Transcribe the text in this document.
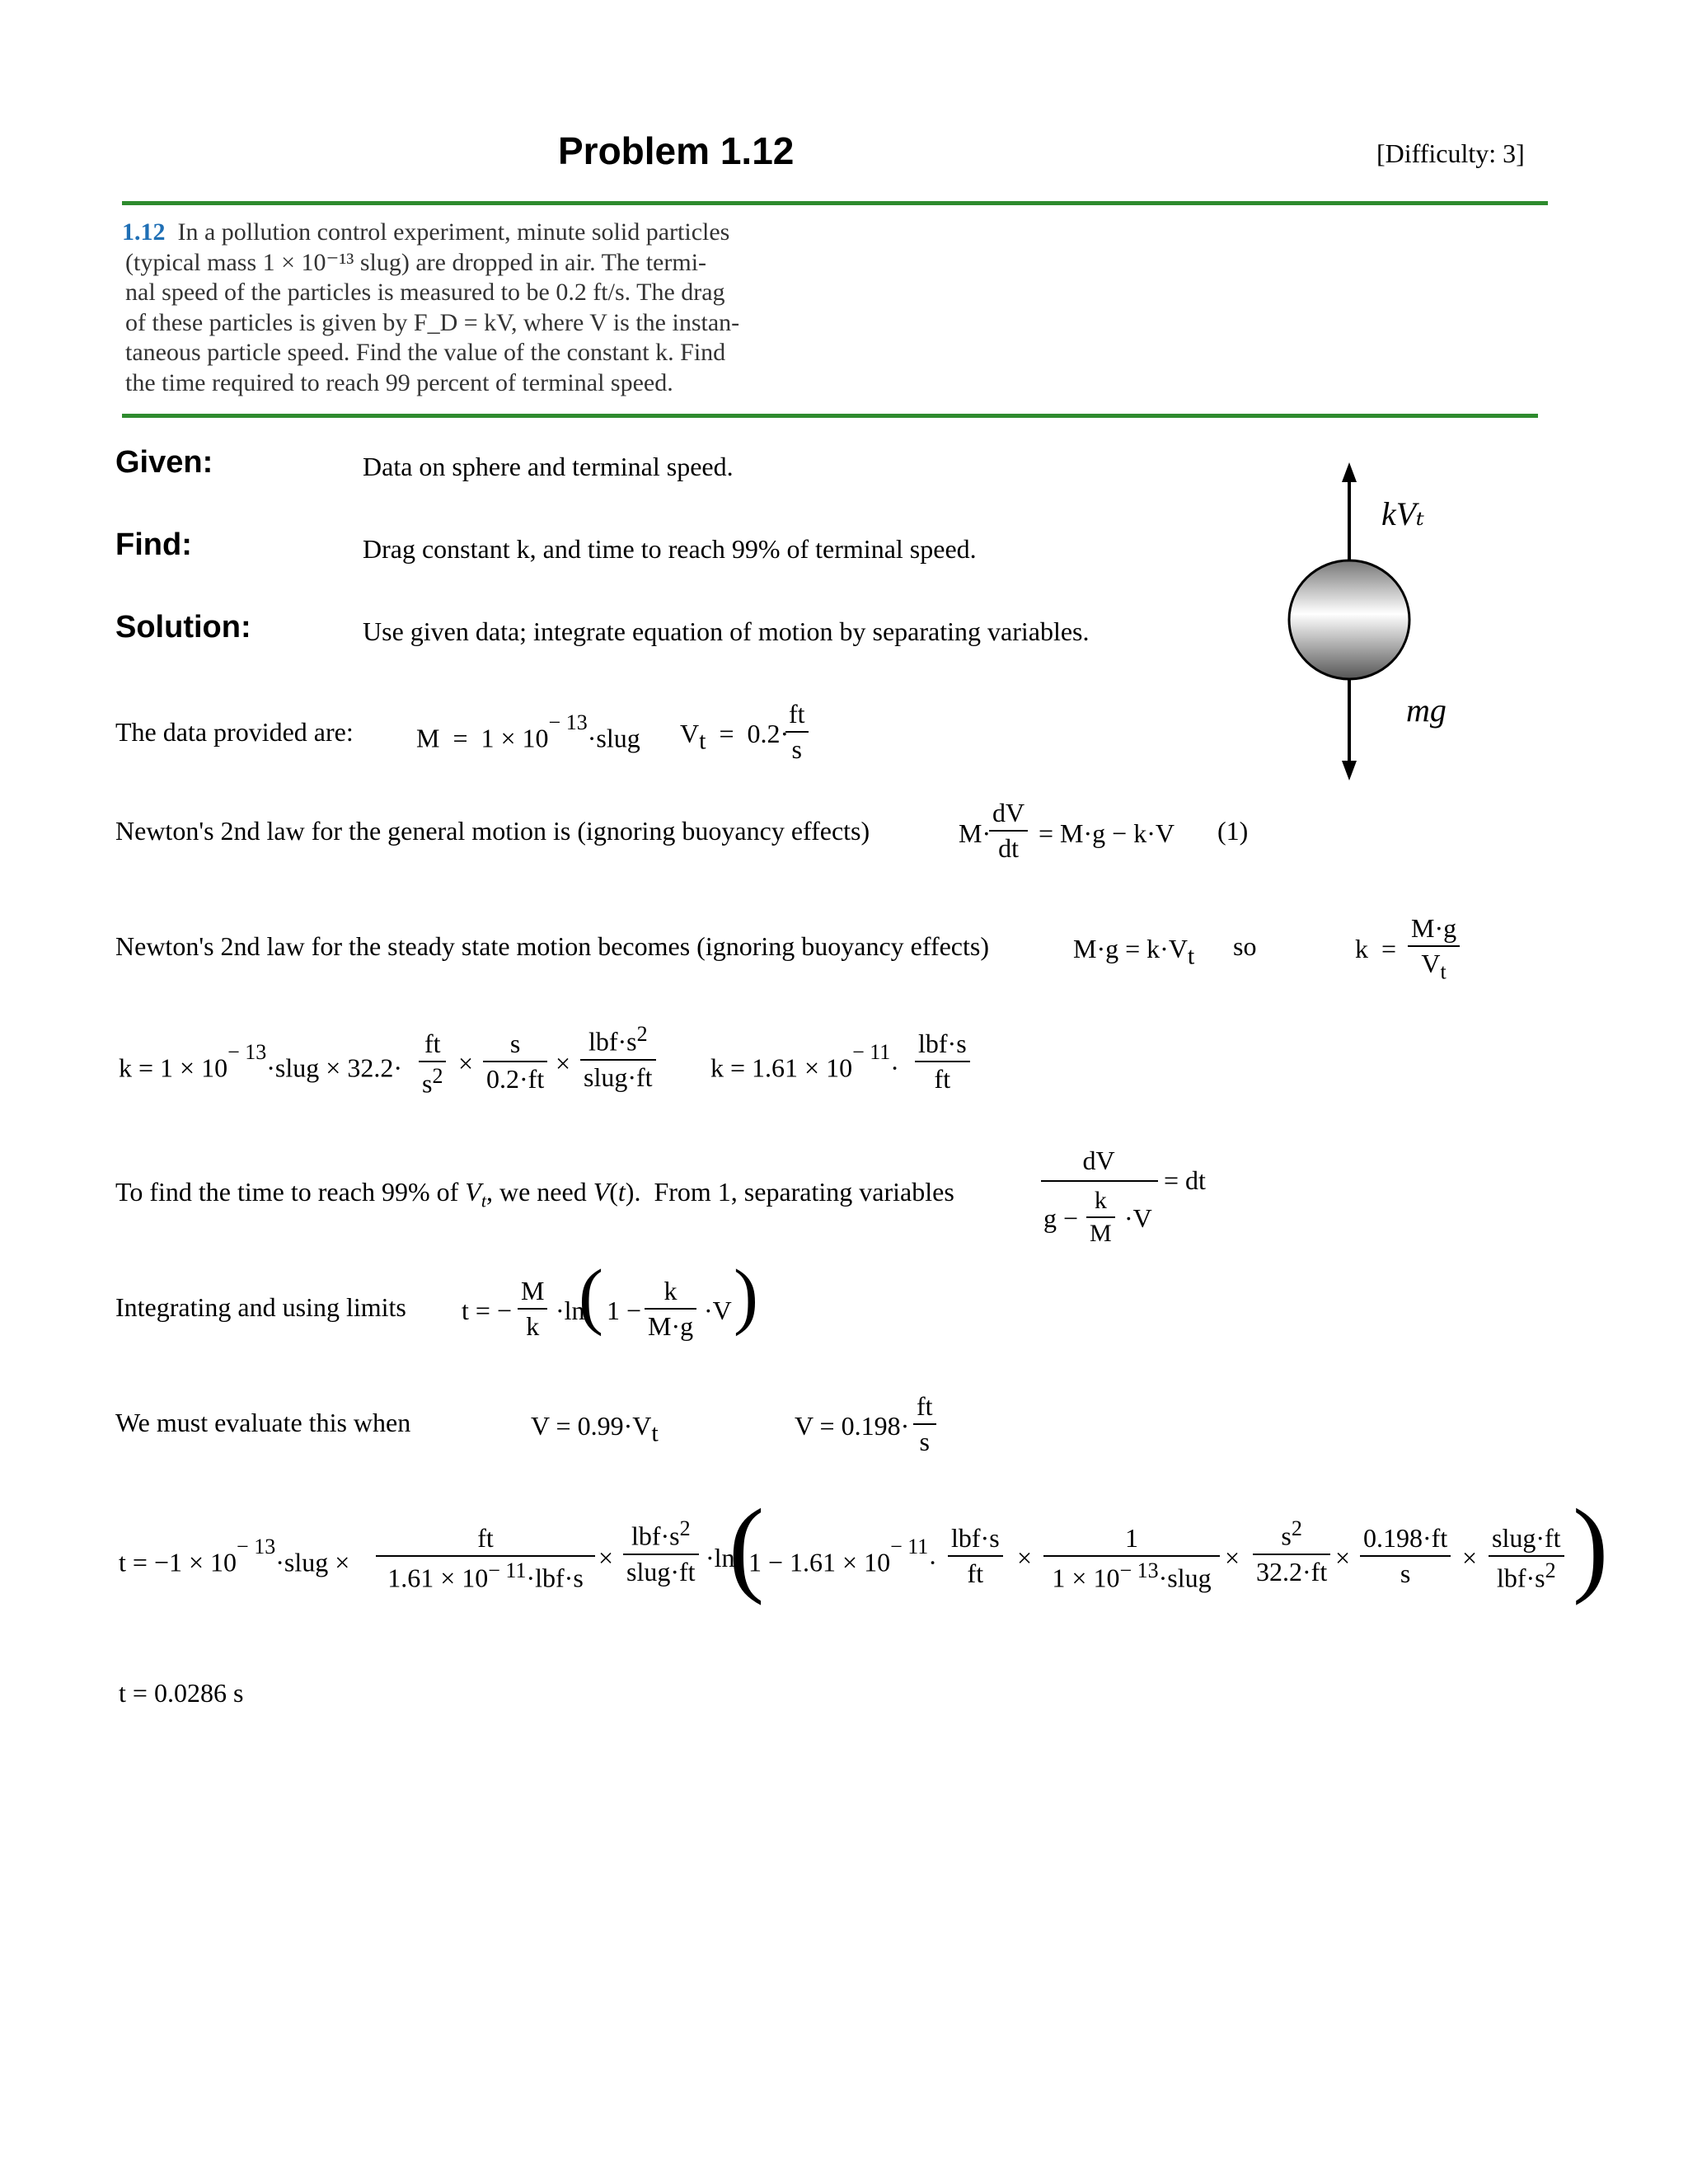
Problem 1.12	[Difficulty: 3]
1.12 In a pollution control experiment, minute solid particles
(typical mass 1 × 10⁻¹³ slug) are dropped in air. The termi-
nal speed of the particles is measured to be 0.2 ft/s. The drag
of these particles is given by F_D = kV, where V is the instan-
taneous particle speed. Find the value of the constant k. Find
the time required to reach 99 percent of terminal speed.
Given:	Data on sphere and terminal speed.
Find:	Drag constant k, and time to reach 99% of terminal speed.
Solution:	Use given data; integrate equation of motion by separating variables.
kVₜ
mg
The data provided are: $M = 1 \times 10^{- 13}\cdot slug$ $V_t = 0.2\cdot$
ft
s
Newton's 2nd law for the general motion is (ignoring buoyancy effects)	M·
dV
dt = M·g − k·V (1)
Newton's 2nd law for the steady state motion becomes (ignoring buoyancy effects)	$M\cdot g = k\cdot V_t$ so	k  =
M·g
$V_t$
$k = 1 \times 10^{- 13}\cdot slug \times 32.2\cdot$
ft
$s^2$ ×
s
0.2·ft
×
$lbf\cdot s^2$
slug·ft $k = 1.61 \times 10^{- 11}\cdot$
lbf·s
ft
To find the time to reach 99% of $V_t$, we need V(t).  From 1, separating variables
dV
g −
k
M
·V
= dt
Integrating and using limits t = −
M
k
·ln
( 1 −
k
M·g
·V )
We must evaluate this when	$V = 0.99\cdot V_t$	V = 0.198·
ft
s
$t = -1 \times 10^{- 13}\cdot slug$ ×
ft
$1.61 \times 10^{- 11}\cdot lbf\cdot s$
×
$lbf\cdot s^2$
slug·ft ·ln
(
$1 - 1.61 \times 10^{- 11}\cdot$
lbf·s
ft
×
1
$1 \times 10^{- 13}\cdot slug$
×
$s^2$
32.2·ft ×
0.198·ft
s
×
slug·ft
$lbf\cdot s^2$ )
t = 0.0286 s
